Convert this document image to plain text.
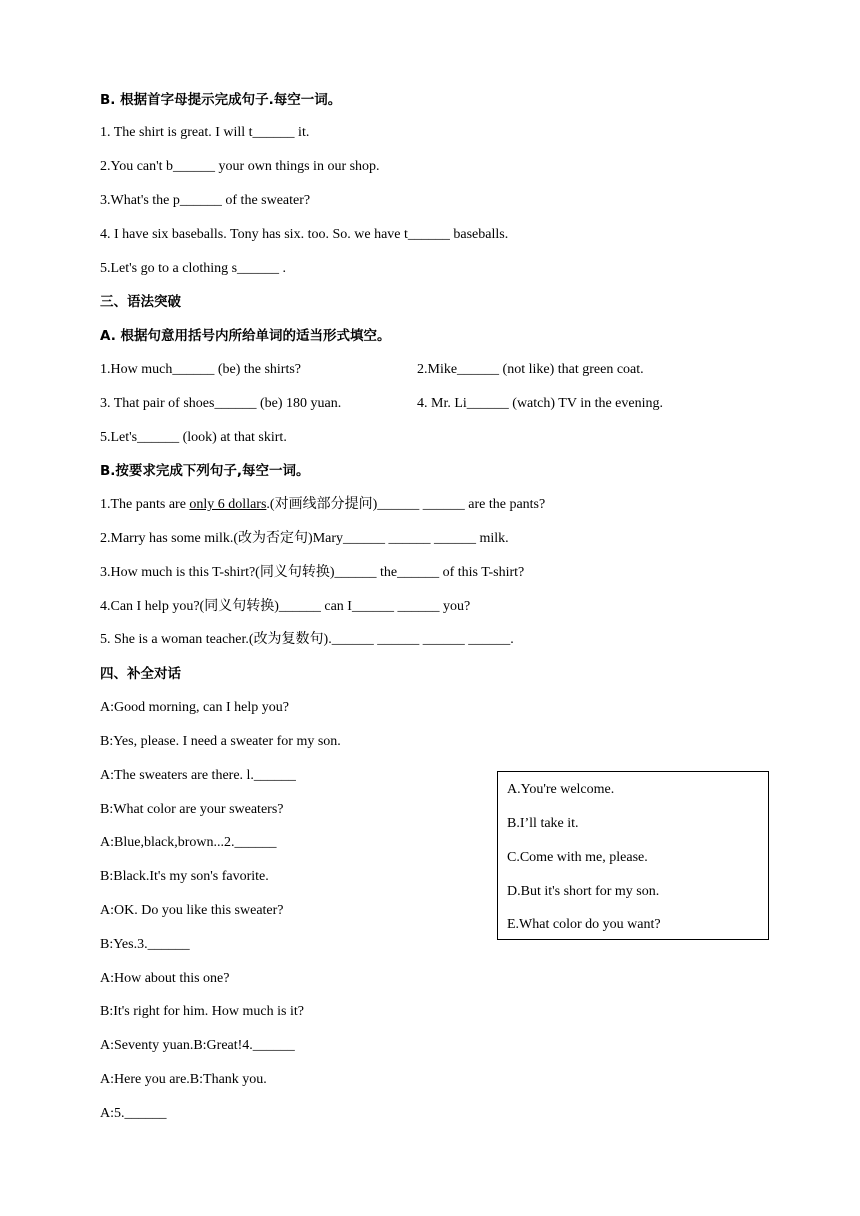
B. 根据首字母提示完成句子.每空一词。
1. The shirt is great. I will t______ it.
2.You can't b______ your own things in our shop.
3.What's the p______ of the sweater?
4. I have six baseballs. Tony has six. too. So. we have t______ baseballs.
5.Let's go to a clothing s______ .
三、语法突破
A. 根据句意用括号内所给单词的适当形式填空。
1.How much______ (be) the shirts?	2.Mike______ (not like) that green coat.
3. That pair of shoes______ (be) 180 yuan.	4. Mr. Li______ (watch) TV in the evening.
5.Let's______ (look) at that skirt.
B.按要求完成下列句子,每空一词。
1.The pants are only 6 dollars.(对画线部分提问)______ ______ are the pants?
2.Marry has some milk.(改为否定句)Mary______ ______ ______ milk.
3.How much is this T-shirt?(同义句转换)______ the______ of this T-shirt?
4.Can I help you?(同义句转换)______ can I______ ______ you?
5. She is a woman teacher.(改为复数句).______ ______ ______ ______.
四、补全对话
A:Good morning, can I help you?
B:Yes, please. I need a sweater for my son.
A:The sweaters are there. l.______
B:What color are your sweaters?
A:Blue,black,brown...2.______
B:Black.It's my son's favorite.
A:OK. Do you like this sweater?
B:Yes.3.______
A:How about this one?
B:It's right for him. How much is it?
A:Seventy yuan.B:Great!4.______
A:Here you are.B:Thank you.
A:5.______
A.You're welcome.
B.I’ll take it.
C.Come with me, please.
D.But it's short for my son.
E.What color do you want?
